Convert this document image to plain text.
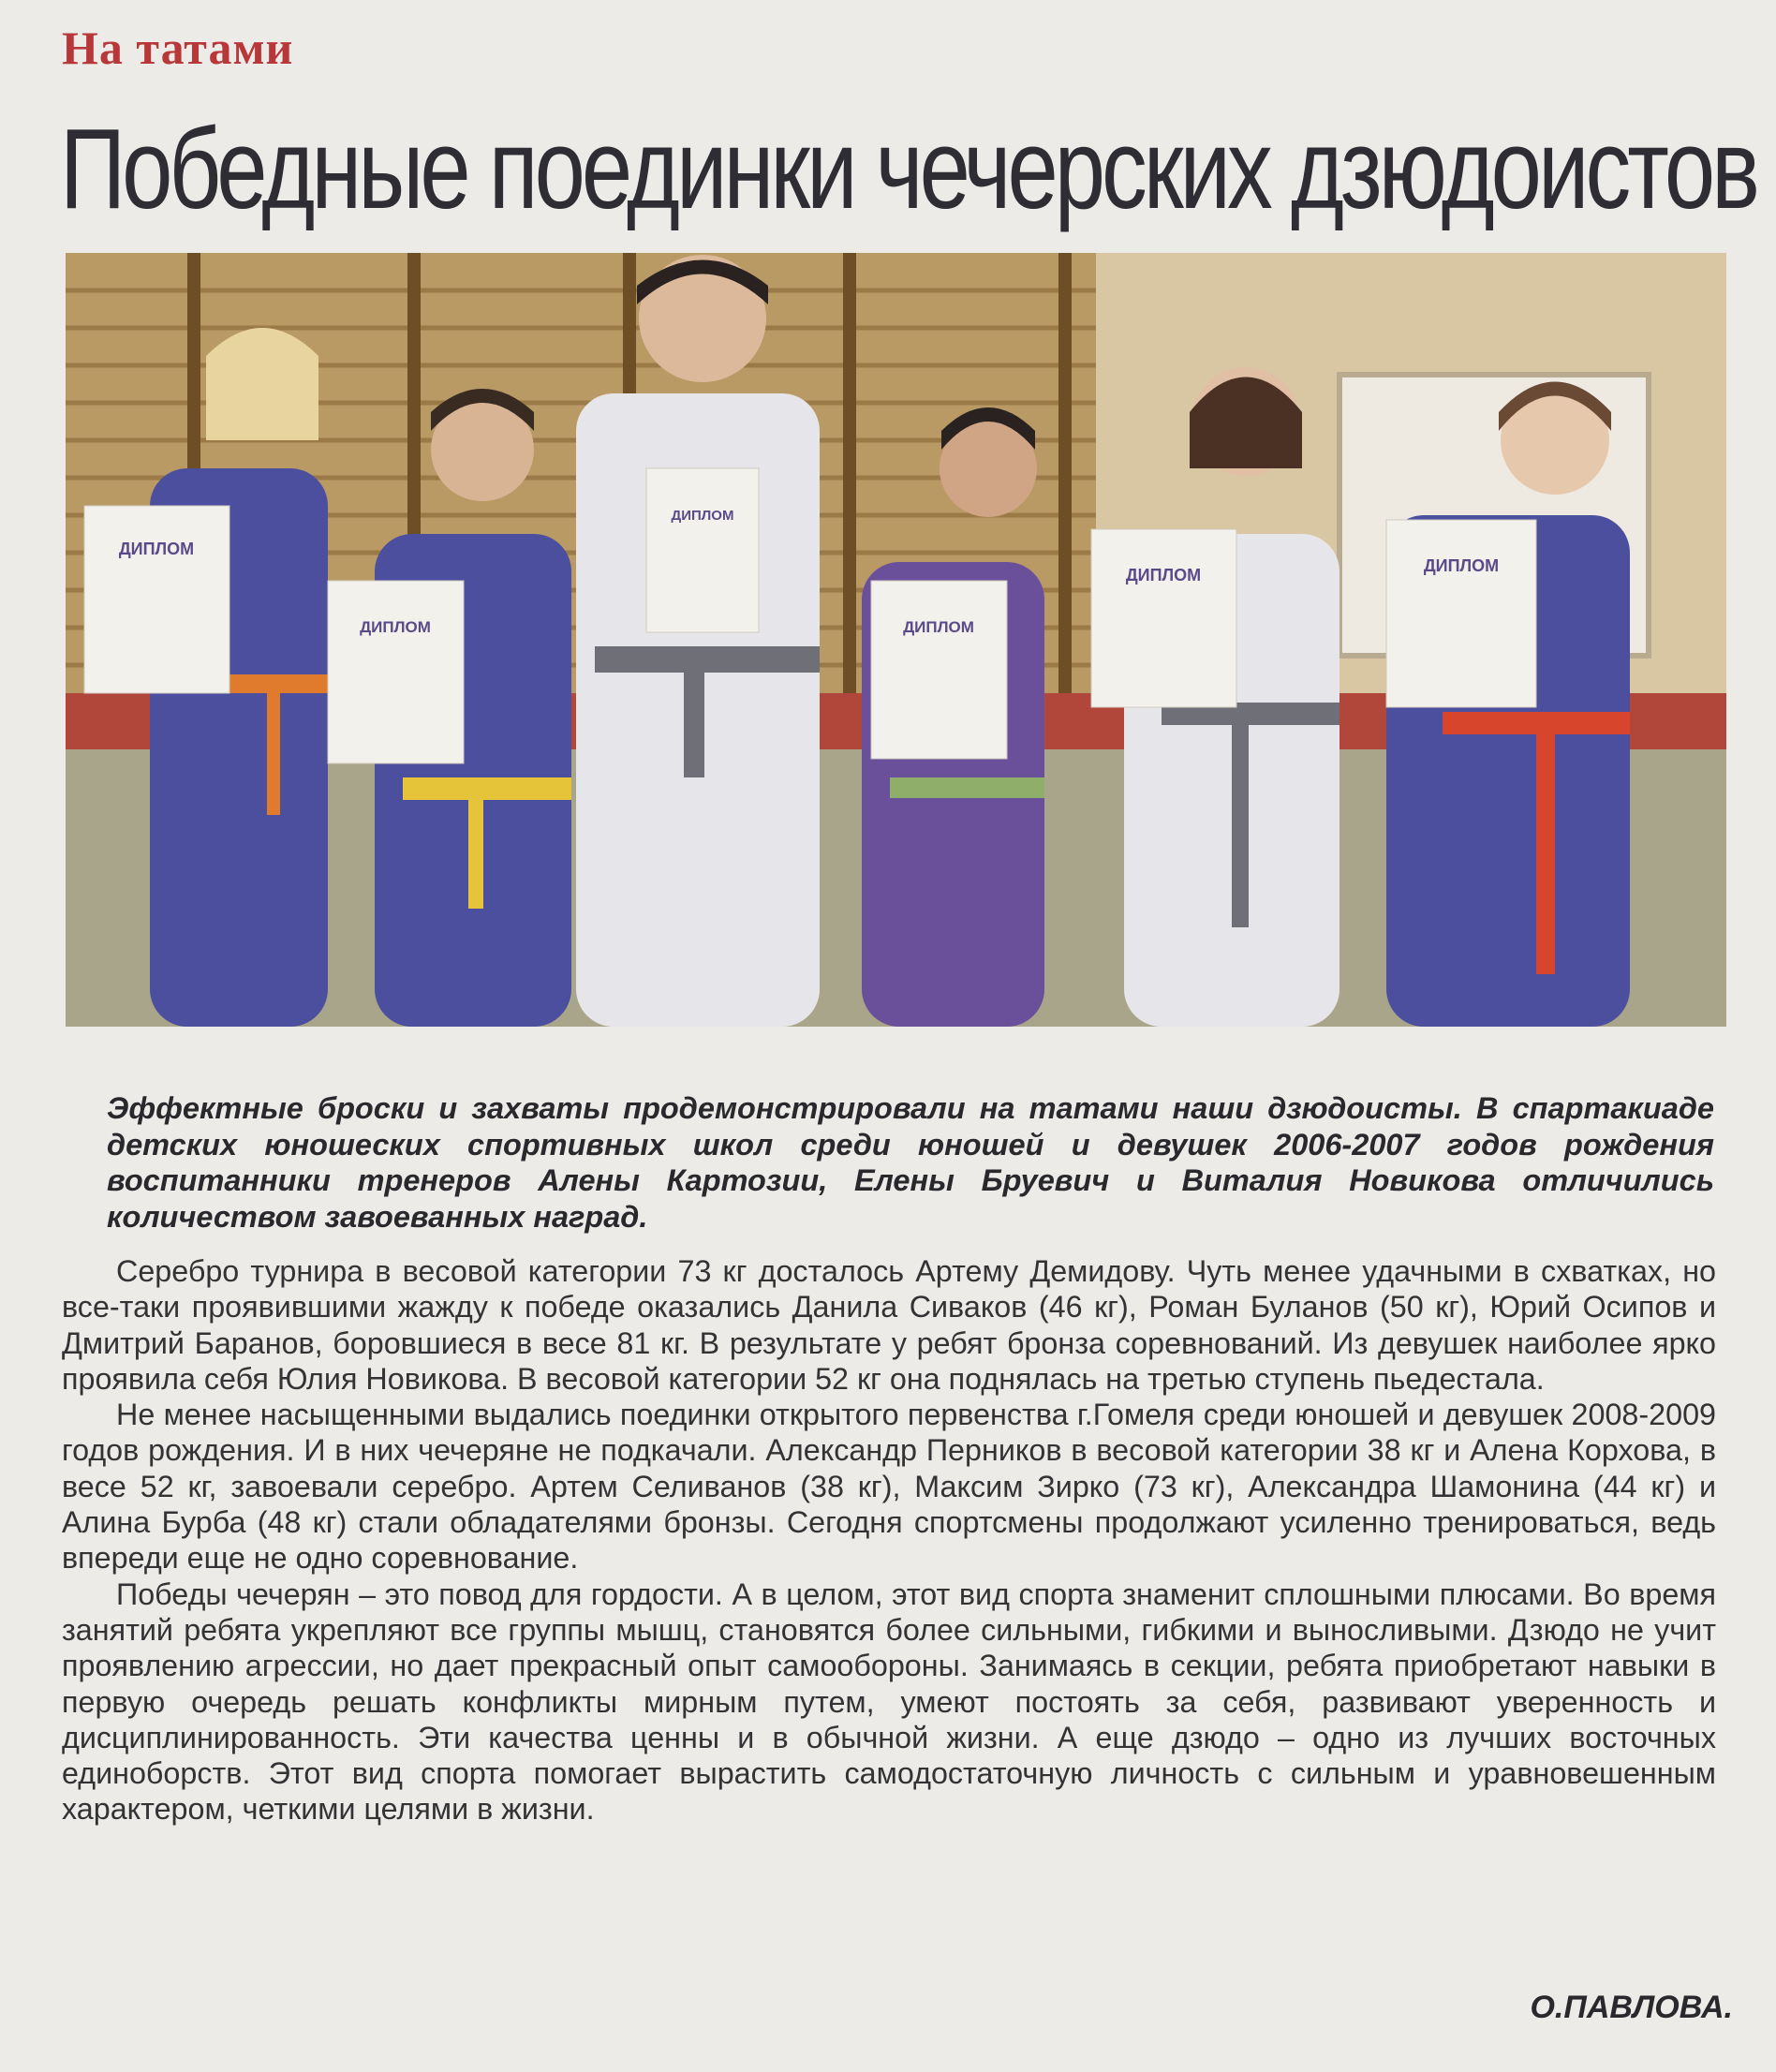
На татами
Победные поединки чечерских дзюдоистов
ДИПЛОМ
ДИПЛОМ
ДИПЛОМ
ДИПЛОМ
ДИПЛОМ	ДИПЛОМ
Эффектные броски и захваты продемонстрировали на татами наши дзюдоисты. В спартакиаде детских юношеских спортивных школ среди юношей и девушек 2006-2007 годов рождения воспитанники тренеров Алены Картозии, Елены Бруевич и Виталия Новикова отличились количеством завоеванных наград.

Серебро турнира в весовой категории 73 кг досталось Артему Демидову. Чуть менее удачными в схватках, но все-таки проявившими жажду к победе оказались Данила Сиваков (46 кг), Роман Буланов (50 кг), Юрий Осипов и Дмитрий Баранов, боровшиеся в весе 81 кг. В результате у ребят бронза соревнований. Из девушек наиболее ярко проявила себя Юлия Новикова. В весовой категории 52 кг она поднялась на третью ступень пьедестала.

Не менее насыщенными выдались поединки открытого первенства г.Гомеля среди юношей и девушек 2008-2009 годов рождения. И в них чечеряне не подкачали. Александр Перников в весовой категории 38 кг и Алена Корхова, в весе 52 кг, завоевали серебро. Артем Селиванов (38 кг), Максим Зирко (73 кг), Александра Шамонина (44 кг) и Алина Бурба (48 кг) стали обладателями бронзы. Сегодня спортсмены продолжают усиленно тренироваться, ведь впереди еще не одно соревнование.

Победы чечерян – это повод для гордости. А в целом, этот вид спорта знаменит сплошными плюсами. Во время занятий ребята укрепляют все группы мышц, становятся более сильными, гибкими и выносливыми. Дзюдо не учит проявлению агрессии, но дает прекрасный опыт самообороны. Занимаясь в секции, ребята приобретают навыки в первую очередь решать конфликты мирным путем, умеют постоять за себя, развивают уверенность и дисциплинированность. Эти качества ценны и в обычной жизни. А еще дзюдо – одно из лучших восточных единоборств. Этот вид спорта помогает вырастить самодостаточную личность с сильным и уравновешенным характером, четкими целями в жизни.

О.ПАВЛОВА.
